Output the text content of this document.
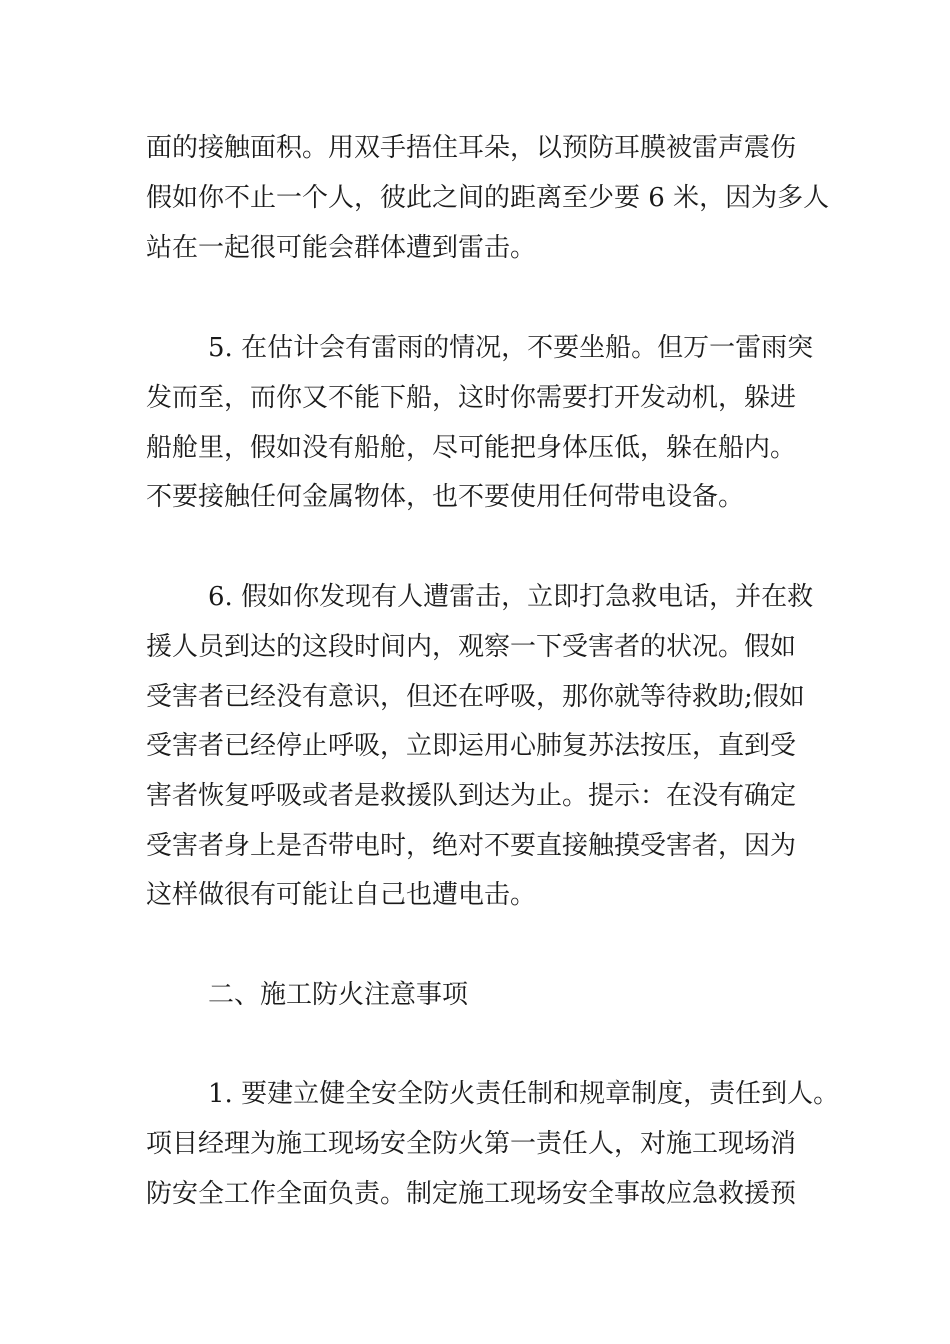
面的接触面积。用双手捂住耳朵，以预防耳膜被雷声震伤
假如你不止一个人，彼此之间的距离至少要 6 米，因为多人
站在一起很可能会群体遭到雷击。
5. 在估计会有雷雨的情况，不要坐船。但万一雷雨突
发而至，而你又不能下船，这时你需要打开发动机，躲进
船舱里，假如没有船舱，尽可能把身体压低，躲在船内。
不要接触任何金属物体，也不要使用任何带电设备。
6. 假如你发现有人遭雷击，立即打急救电话，并在救
援人员到达的这段时间内，观察一下受害者的状况。假如
受害者已经没有意识，但还在呼吸，那你就等待救助;假如
受害者已经停止呼吸，立即运用心肺复苏法按压，直到受
害者恢复呼吸或者是救援队到达为止。提示：在没有确定
受害者身上是否带电时，绝对不要直接触摸受害者，因为
这样做很有可能让自己也遭电击。
二、施工防火注意事项
1. 要建立健全安全防火责任制和规章制度，责任到人。
项目经理为施工现场安全防火第一责任人，对施工现场消
防安全工作全面负责。制定施工现场安全事故应急救援预
